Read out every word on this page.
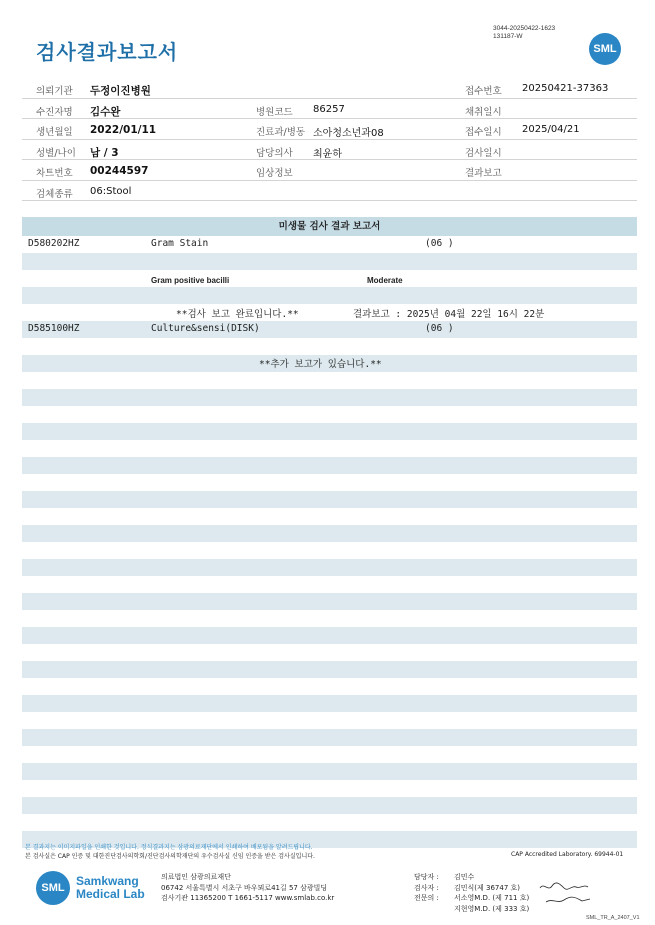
검사결과보고서
3044-20250422-1623
131187-W
SML
의뢰기관 두정이진병원	접수번호 20250421-37363
수진자명 김수완	병원코드 86257	채취일시
생년월일 2022/01/11	진료과/병동 소아청소년과08	접수일시 2025/04/21
성별/나이 남 / 3	담당의사 최윤하	검사일시
차트번호 00244597	임상정보	결과보고
검체종류 06:Stool
미생물 검사 결과 보고서
D580202HZ	Gram Stain	(06 )
Gram positive bacilli	Moderate
**검사 보고 완료입니다.**	결과보고 : 2025년 04월 22일 16시 22분
D585100HZ	Culture&sensi(DISK)	(06 )
**추가 보고가 있습니다.**
본 결과지는 이미지파일을 인쇄한 것입니다. 정식결과지는 삼광의료재단에서 인쇄하여 배포됨을 알려드립니다.
본 검사실은 CAP 인증 및 대한진단검사의학회/진단검사의학재단의 우수검사실 신임 인증을 받은 검사실입니다.	CAP Accredited Laboratory. 69944-01
SML Samkwang
Medical Lab
의료법인 삼광의료재단
06742 서울특별시 서초구 바우뫼로41길 57 삼광빌딩
검사기관 11365200 T 1661-5117 www.smlab.co.kr
담당자 :	김민수
검사자 :	김민식(제 36747 호)
전문의 :	서소영M.D. (제 711 호)
지현영M.D. (제 333 호)
SML_TR_A_2407_V1
